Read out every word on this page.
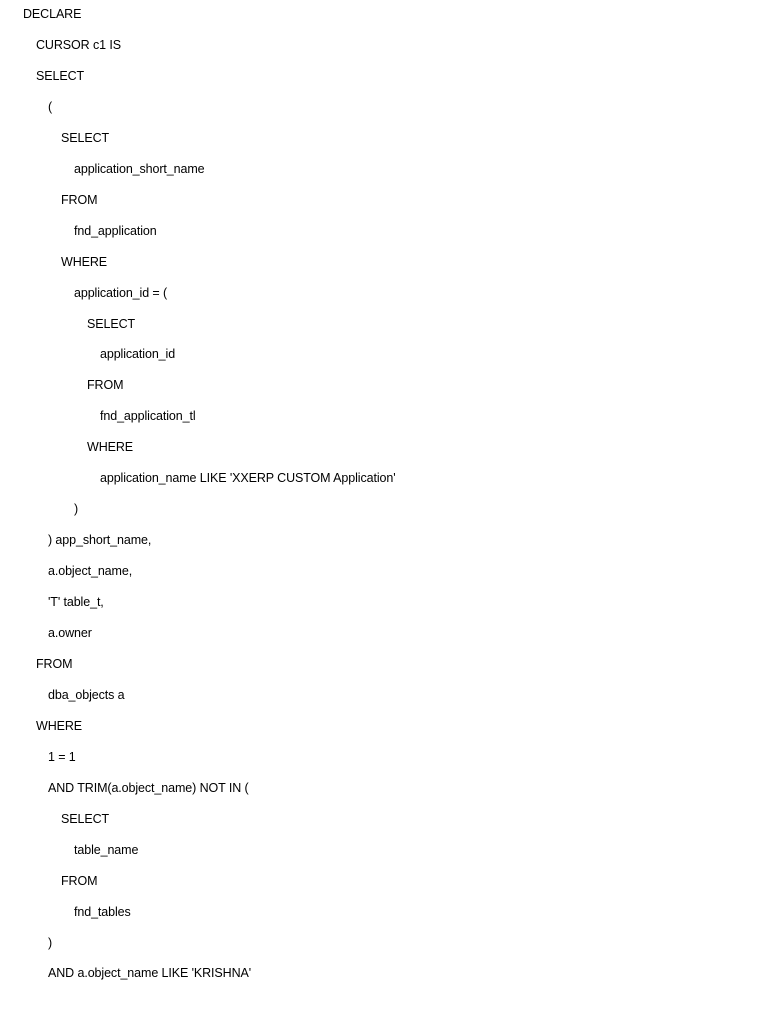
DECLARE
CURSOR c1 IS
SELECT
(
SELECT
application_short_name
FROM
fnd_application
WHERE
application_id = (
SELECT
application_id
FROM
fnd_application_tl
WHERE
application_name LIKE 'XXERP CUSTOM Application'
)
) app_short_name,
a.object_name,
'T' table_t,
a.owner
FROM
dba_objects a
WHERE
1 = 1
AND TRIM(a.object_name) NOT IN (
SELECT
table_name
FROM
fnd_tables
)
AND a.object_name LIKE 'KRISHNA'
